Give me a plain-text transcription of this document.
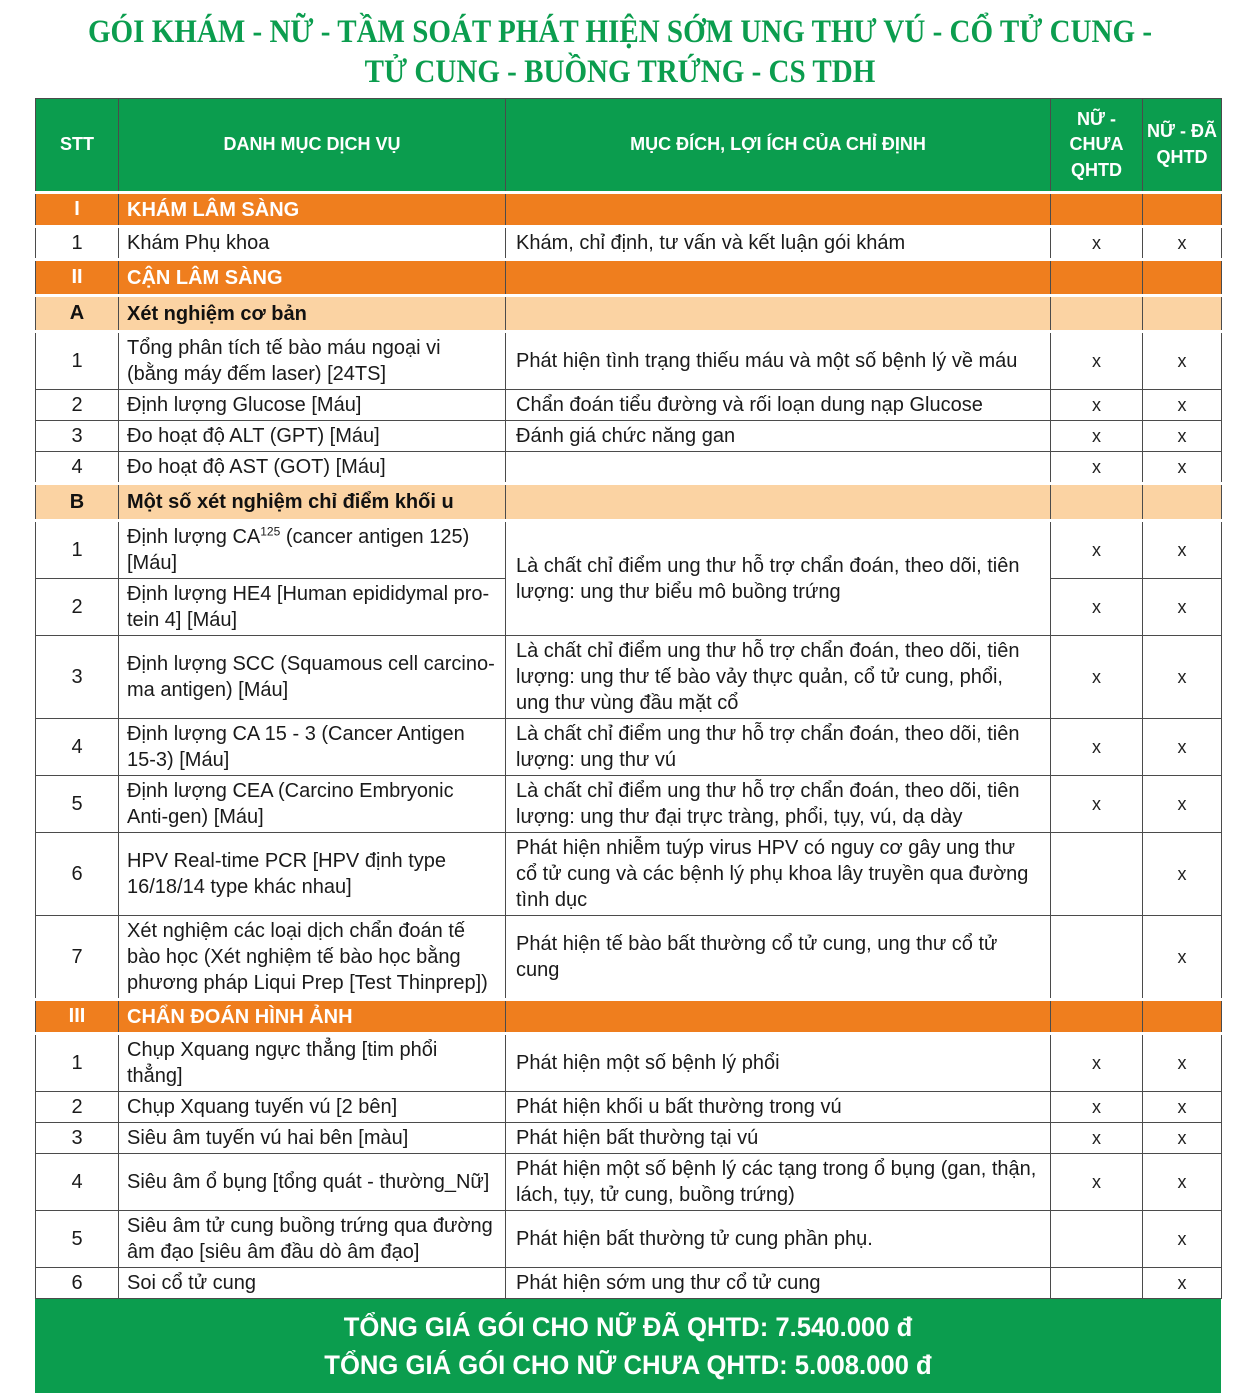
GÓI KHÁM - NỮ - TẦM SOÁT PHÁT HIỆN SỚM UNG THƯ VÚ - CỔ TỬ CUNG -
TỬ CUNG - BUỒNG TRỨNG - CS TDH
STT	DANH MỤC DỊCH VỤ	MỤC ĐÍCH, LỢI ÍCH CỦA CHỈ ĐỊNH	NỮ - CHƯA QHTD	NỮ - ĐÃ QHTD
I	KHÁM LÂM SÀNG			
1	Khám Phụ khoa	Khám, chỉ định, tư vấn và kết luận gói khám	x	x
II	CẬN LÂM SÀNG			
A	Xét nghiệm cơ bản			
1	Tổng phân tích tế bào máu ngoại vi (bằng máy đếm laser) [24TS]	Phát hiện tình trạng thiếu máu và một số bệnh lý về máu	x	x
2	Định lượng Glucose [Máu]	Chẩn đoán tiểu đường và rối loạn dung nạp Glucose	x	x
3	Đo hoạt độ ALT (GPT) [Máu]	Đánh giá chức năng gan	x	x
4	Đo hoạt độ AST (GOT) [Máu]		x	x
B	Một số xét nghiệm chỉ điểm khối u			
1	Định lượng CA$^{125}$ (cancer antigen 125) [Máu]	Là chất chỉ điểm ung thư hỗ trợ chẩn đoán, theo dõi, tiên lượng: ung thư biểu mô buồng trứng	x	x
2	Định lượng HE4 [Human epididymal pro-tein 4] [Máu]		x	x
3	Định lượng SCC (Squamous cell carcino-ma antigen) [Máu]	Là chất chỉ điểm ung thư hỗ trợ chẩn đoán, theo dõi, tiên lượng: ung thư tế bào vảy thực quản, cổ tử cung, phổi, ung thư vùng đầu mặt cổ	x	x
4	Định lượng CA 15 - 3 (Cancer Antigen 15-3) [Máu]	Là chất chỉ điểm ung thư hỗ trợ chẩn đoán, theo dõi, tiên lượng: ung thư vú	x	x
5	Định lượng CEA (Carcino Embryonic Anti-gen) [Máu]	Là chất chỉ điểm ung thư hỗ trợ chẩn đoán, theo dõi, tiên lượng: ung thư đại trực tràng, phổi, tụy, vú, dạ dày	x	x
6	HPV Real-time PCR [HPV định type 16/18/14 type khác nhau]	Phát hiện nhiễm tuýp virus HPV có nguy cơ gây ung thư cổ tử cung và các bệnh lý phụ khoa lây truyền qua đường tình dục		x
7	Xét nghiệm các loại dịch chẩn đoán tế bào học (Xét nghiệm tế bào học bằng phương pháp Liqui Prep [Test Thinprep])	Phát hiện tế bào bất thường cổ tử cung, ung thư cổ tử cung		x
III	CHẨN ĐOÁN HÌNH ẢNH			
1	Chụp Xquang ngực thẳng [tim phổi thẳng]	Phát hiện một số bệnh lý phổi	x	x
2	Chụp Xquang tuyến vú [2 bên]	Phát hiện khối u bất thường trong vú	x	x
3	Siêu âm tuyến vú hai bên [màu]	Phát hiện bất thường tại vú	x	x
4	Siêu âm ổ bụng [tổng quát - thường_Nữ]	Phát hiện một số bệnh lý các tạng trong ổ bụng (gan, thận, lách, tụy, tử cung, buồng trứng)	x	x
5	Siêu âm tử cung buồng trứng qua đường âm đạo [siêu âm đầu dò âm đạo]	Phát hiện bất thường tử cung phần phụ.		x
6	Soi cổ tử cung	Phát hiện sớm ung thư cổ tử cung		x
TỔNG GIÁ GÓI CHO NỮ ĐÃ QHTD: 7.540.000 đ
TỔNG GIÁ GÓI CHO NỮ CHƯA QHTD: 5.008.000 đ
